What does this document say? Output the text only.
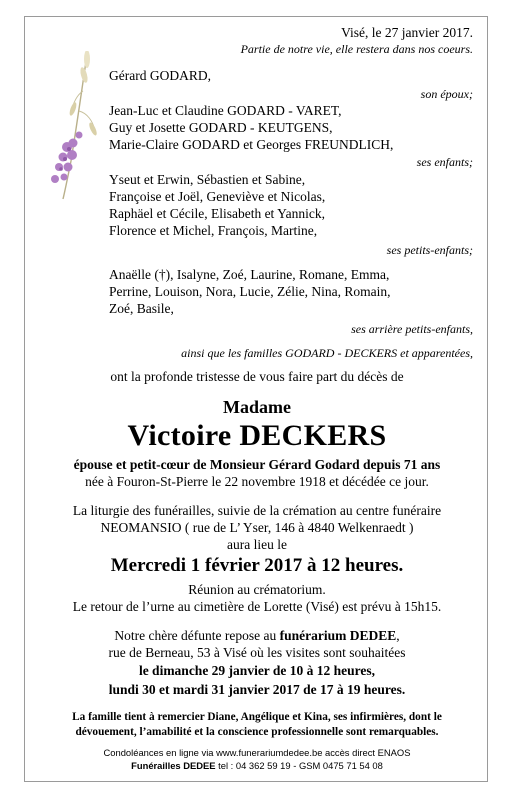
Visé, le 27 janvier 2017.
Partie de notre vie, elle restera dans nos coeurs.
Gérard GODARD,
son époux;
Jean-Luc et Claudine GODARD - VARET,
Guy et Josette GODARD - KEUTGENS,
Marie-Claire GODARD et Georges FREUNDLICH,
ses enfants;
Yseut et Erwin, Sébastien et Sabine,
Françoise et Joël, Geneviève et Nicolas,
Raphäel et Cécile, Elisabeth et Yannick,
Florence et Michel, François, Martine,
ses petits-enfants;
Anaëlle (†), Isalyne, Zoé, Laurine, Romane, Emma,
Perrine, Louison, Nora, Lucie, Zélie, Nina, Romain,
Zoé, Basile,
ses arrière petits-enfants,
ainsi que les familles GODARD - DECKERS et apparentées,
ont la profonde tristesse de vous faire part du décès de
Madame
Victoire DECKERS
épouse et petit-cœur de Monsieur Gérard Godard depuis 71 ans
née à Fouron-St-Pierre le 22 novembre 1918 et décédée ce jour.
La liturgie des funérailles, suivie de la crémation au centre funéraire
NEOMANSIO ( rue de L’ Yser, 146 à 4840 Welkenraedt )
aura lieu le
Mercredi 1 février 2017 à 12 heures.
Réunion au crématorium.
Le retour de l’urne au cimetière de Lorette (Visé) est prévu à 15h15.
Notre chère défunte repose au funérarium DEDEE,
rue de Berneau, 53 à Visé où les visites sont souhaitées
le dimanche 29 janvier de 10 à 12 heures,
lundi 30 et mardi 31 janvier 2017 de 17 à 19 heures.
La famille tient à remercier Diane, Angélique et Kina, ses infirmières, dont le
dévouement, l’amabilité et la conscience professionnelle sont remarquables.
Condoléances en ligne via www.funerariumdedee.be accès direct ENAOS
Funérailles DEDEE tel : 04 362 59 19 - GSM 0475 71 54 08
